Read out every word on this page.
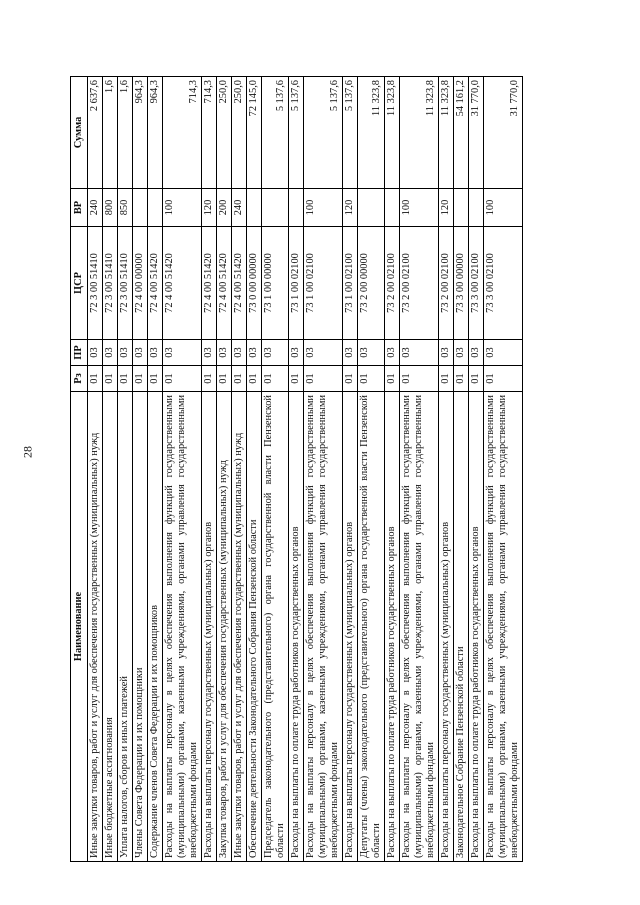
28
Наименование	Рз	ПР	ЦСР	ВР	Сумма
Иные закупки товаров, работ и услуг для обеспечения государственных (муниципальных) нужд	01	03	72 3 00 51410	240	2 637,6
Иные бюджетные ассигнования	01	03	72 3 00 51410	800	1,6
Уплата налогов, сборов и иных платежей	01	03	72 3 00 51410	850	1,6
Члены Совета Федерации и их помощники	01	03	72 4 00 00000		964,3
Содержание членов Совета Федерации и их помощников	01	03	72 4 00 51420		964,3
Расходы на выплаты персоналу в целях обеспечения выполнения функций государственными (муниципальными) органами, казенными учреждениями, органами управления государственными внебюджетными фондами	01	03	72 4 00 51420	100	714,3
Расходы на выплаты персоналу государственных (муниципальных) органов	01	03	72 4 00 51420	120	714,3
Закупка товаров, работ и услуг для обеспечения государственных (муниципальных) нужд	01	03	72 4 00 51420	200	250,0
Иные закупки товаров, работ и услуг для обеспечения государственных (муниципальных) нужд	01	03	72 4 00 51420	240	250,0
Обеспечение деятельности Законодательного Собрания Пензенской области	01	03	73 0 00 00000		72 145,0
Председатель законодательного (представительного) органа государственной власти Пензенской области	01	03	73 1 00 00000		5 137,6
Расходы на выплаты по оплате труда работников государственных органов	01	03	73 1 00 02100		5 137,6
Расходы на выплаты персоналу в целях обеспечения выполнения функций государственными (муниципальными) органами, казенными учреждениями, органами управления государственными внебюджетными фондами	01	03	73 1 00 02100	100	5 137,6
Расходы на выплаты персоналу государственных (муниципальных) органов	01	03	73 1 00 02100	120	5 137,6
Депутаты (члены) законодательного (представительного) органа государственной власти Пензенской области	01	03	73 2 00 00000		11 323,8
Расходы на выплаты по оплате труда работников государственных органов	01	03	73 2 00 02100		11 323,8
Расходы на выплаты персоналу в целях обеспечения выполнения функций государственными (муниципальными) органами, казенными учреждениями, органами управления государственными внебюджетными фондами	01	03	73 2 00 02100	100	11 323,8
Расходы на выплаты персоналу государственных (муниципальных) органов	01	03	73 2 00 02100	120	11 323,8
Законодательное Собрание Пензенской области	01	03	73 3 00 00000		54 161,2
Расходы на выплаты по оплате труда работников государственных органов	01	03	73 3 00 02100		31 770,0
Расходы на выплаты персоналу в целях обеспечения выполнения функций государственными (муниципальными) органами, казенными учреждениями, органами управления государственными внебюджетными фондами	01	03	73 3 00 02100	100	31 770,0
